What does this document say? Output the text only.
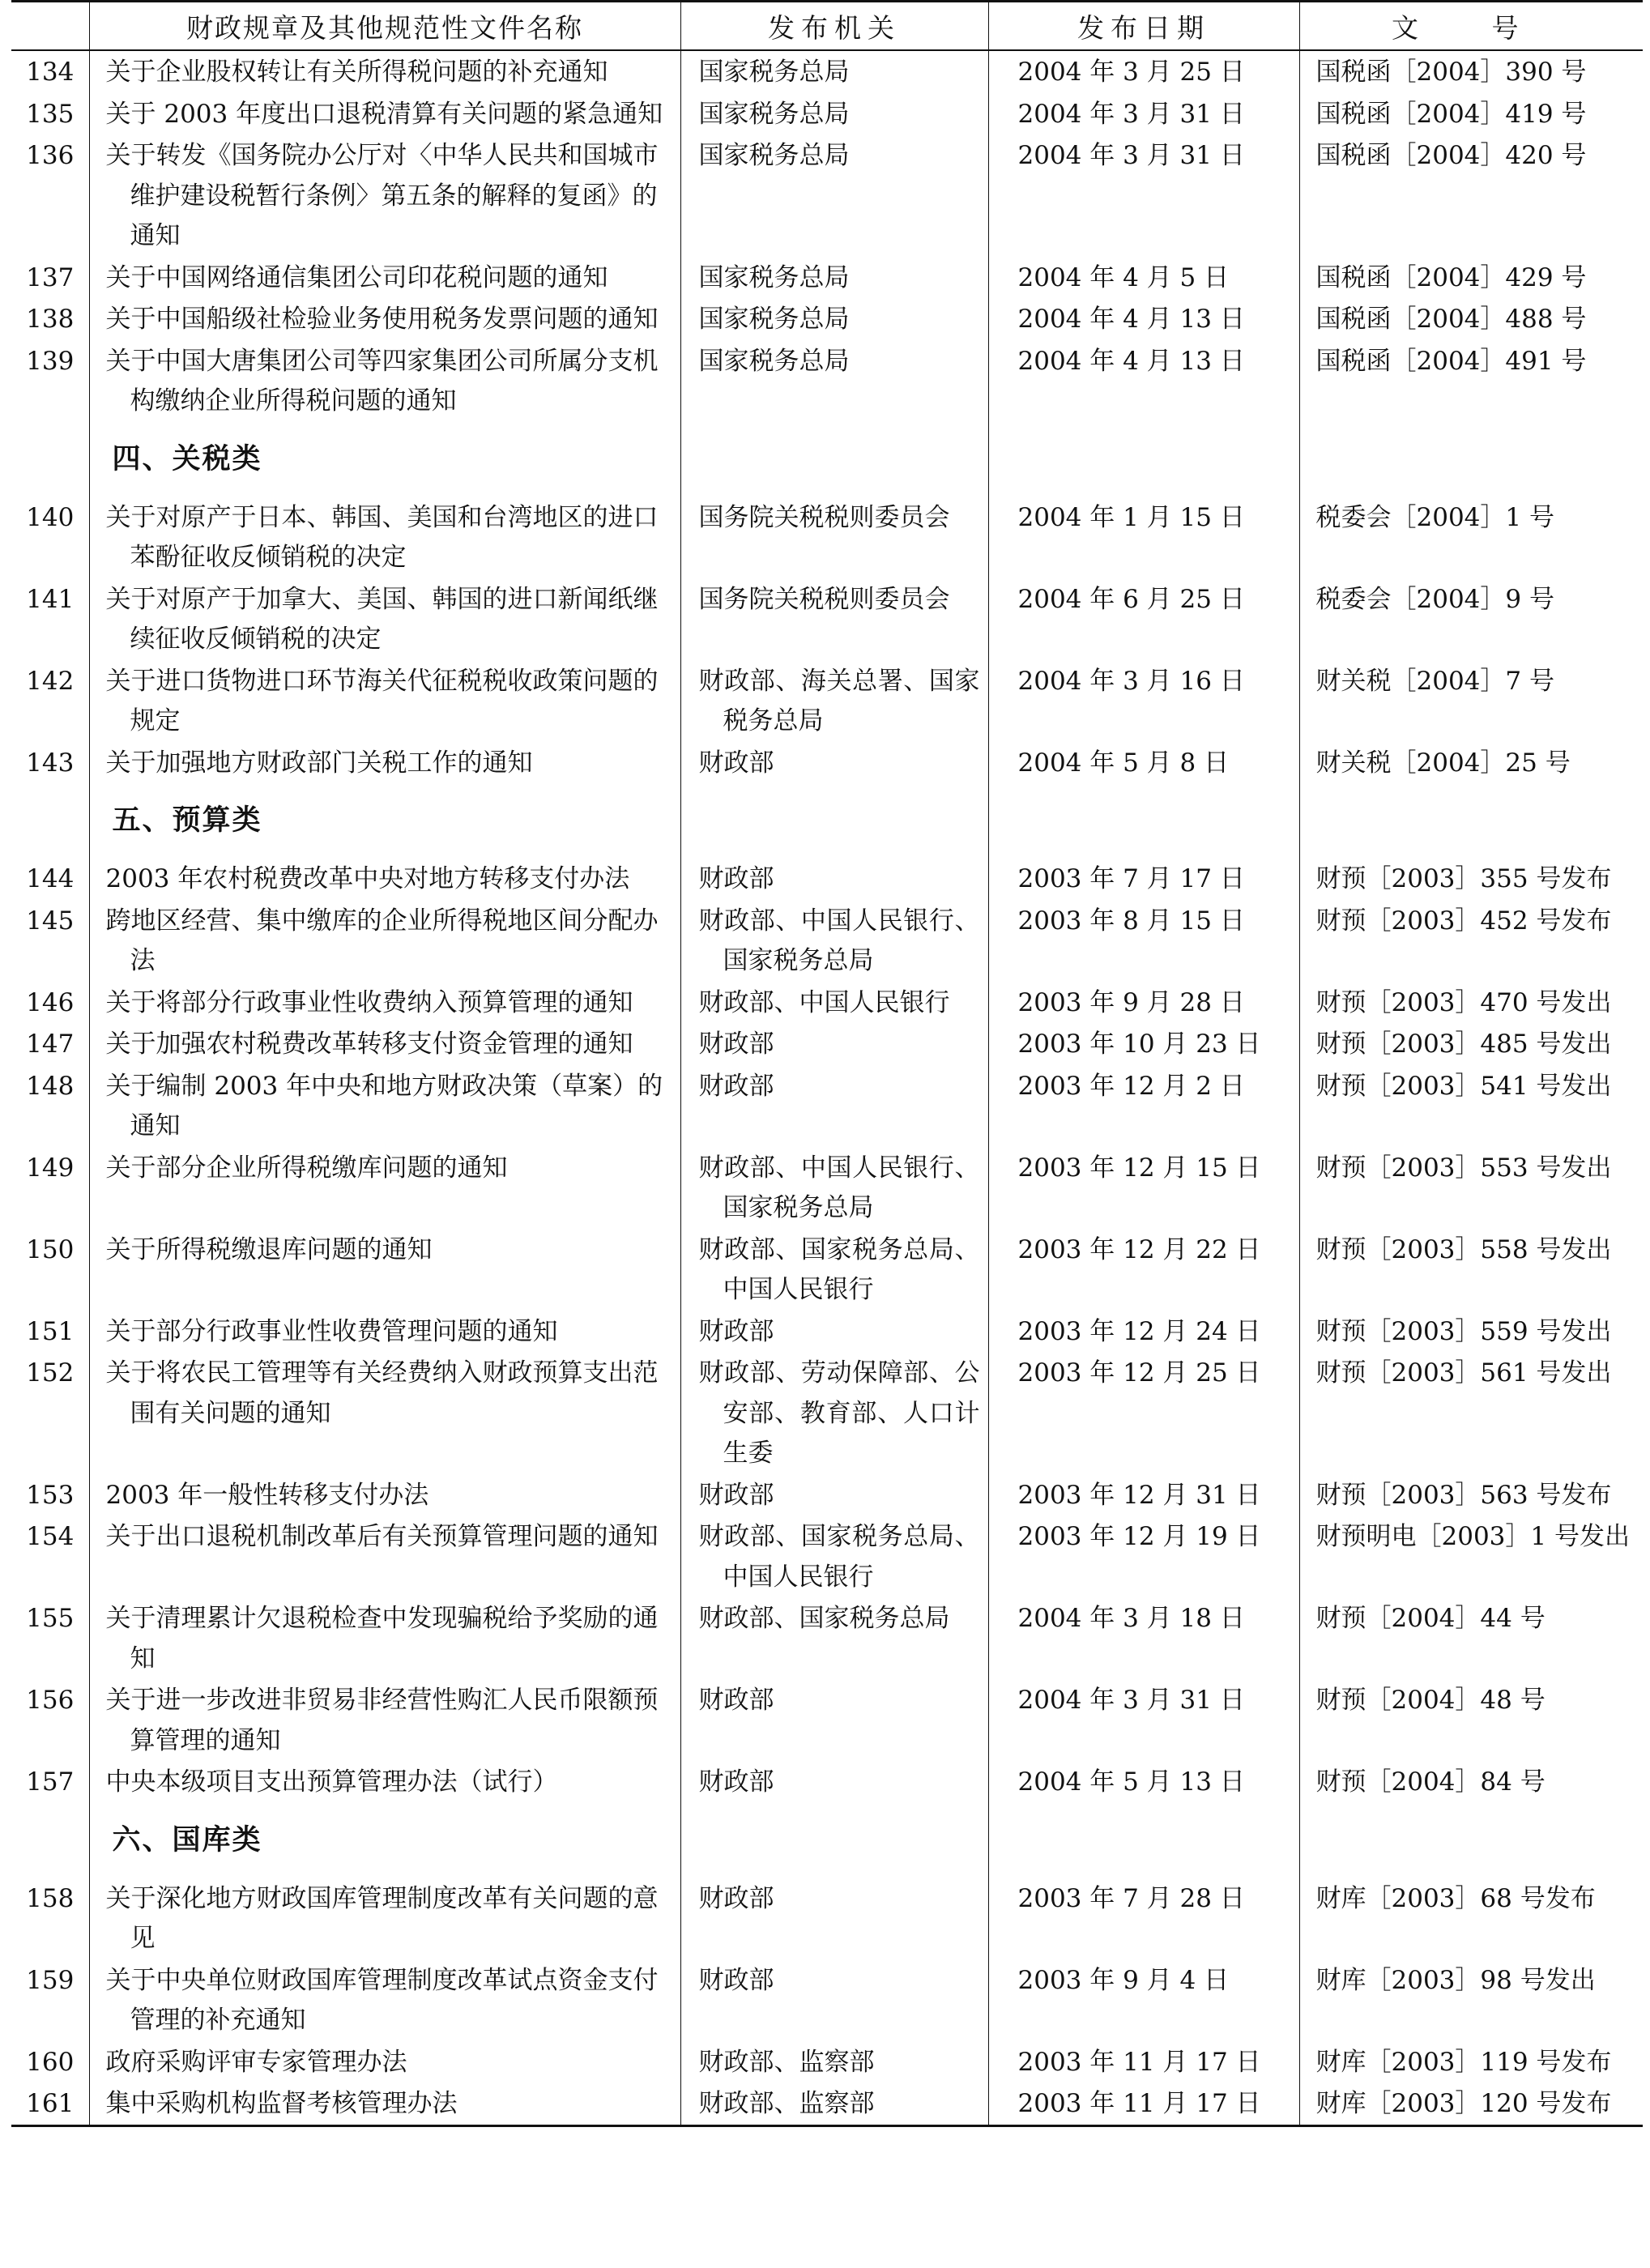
	财政规章及其他规范性文件名称	发布机关	发布日期	文 号
134	关于企业股权转让有关所得税问题的补充通知	国家税务总局	2004 年 3 月 25 日	国税函［2004］390 号

135	关于 2003 年度出口退税清算有关问题的紧急通知	国家税务总局	2004 年 3 月 31 日	国税函［2004］419 号

136	关于转发《国务院办公厅对〈中华人民共和国城市维护建设税暂行条例〉第五条的解释的复函》的通知	国家税务总局	2004 年 3 月 31 日	国税函［2004］420 号

137	关于中国网络通信集团公司印花税问题的通知	国家税务总局	2004 年 4 月 5 日	国税函［2004］429 号

138	关于中国船级社检验业务使用税务发票问题的通知	国家税务总局	2004 年 4 月 13 日	国税函［2004］488 号

139	关于中国大唐集团公司等四家集团公司所属分支机构缴纳企业所得税问题的通知	国家税务总局	2004 年 4 月 13 日	国税函［2004］491 号

	四、关税类			
140	关于对原产于日本、韩国、美国和台湾地区的进口苯酚征收反倾销税的决定	国务院关税税则委员会	2004 年 1 月 15 日	税委会［2004］1 号

141	关于对原产于加拿大、美国、韩国的进口新闻纸继续征收反倾销税的决定	国务院关税税则委员会	2004 年 6 月 25 日	税委会［2004］9 号

142	关于进口货物进口环节海关代征税税收政策问题的规定	财政部、海关总署、国家税务总局	2004 年 3 月 16 日	财关税［2004］7 号

143	关于加强地方财政部门关税工作的通知	财政部	2004 年 5 月 8 日	财关税［2004］25 号

	五、预算类			
144	2003 年农村税费改革中央对地方转移支付办法	财政部	2003 年 7 月 17 日	财预［2003］355 号发布

145	跨地区经营、集中缴库的企业所得税地区间分配办法	财政部、中国人民银行、国家税务总局	2003 年 8 月 15 日	财预［2003］452 号发布

146	关于将部分行政事业性收费纳入预算管理的通知	财政部、中国人民银行	2003 年 9 月 28 日	财预［2003］470 号发出

147	关于加强农村税费改革转移支付资金管理的通知	财政部	2003 年 10 月 23 日	财预［2003］485 号发出

148	关于编制 2003 年中央和地方财政决策（草案）的通知	财政部	2003 年 12 月 2 日	财预［2003］541 号发出

149	关于部分企业所得税缴库问题的通知	财政部、中国人民银行、国家税务总局	2003 年 12 月 15 日	财预［2003］553 号发出

150	关于所得税缴退库问题的通知	财政部、国家税务总局、中国人民银行	2003 年 12 月 22 日	财预［2003］558 号发出

151	关于部分行政事业性收费管理问题的通知	财政部	2003 年 12 月 24 日	财预［2003］559 号发出

152	关于将农民工管理等有关经费纳入财政预算支出范围有关问题的通知	财政部、劳动保障部、公安部、教育部、人口计生委	2003 年 12 月 25 日	财预［2003］561 号发出

153	2003 年一般性转移支付办法	财政部	2003 年 12 月 31 日	财预［2003］563 号发布

154	关于出口退税机制改革后有关预算管理问题的通知	财政部、国家税务总局、中国人民银行	2003 年 12 月 19 日	财预明电［2003］1 号发出

155	关于清理累计欠退税检查中发现骗税给予奖励的通知	财政部、国家税务总局	2004 年 3 月 18 日	财预［2004］44 号

156	关于进一步改进非贸易非经营性购汇人民币限额预算管理的通知	财政部	2004 年 3 月 31 日	财预［2004］48 号

157	中央本级项目支出预算管理办法（试行）	财政部	2004 年 5 月 13 日	财预［2004］84 号

	六、国库类			
158	关于深化地方财政国库管理制度改革有关问题的意见	财政部	2003 年 7 月 28 日	财库［2003］68 号发布

159	关于中央单位财政国库管理制度改革试点资金支付管理的补充通知	财政部	2003 年 9 月 4 日	财库［2003］98 号发出

160	政府采购评审专家管理办法	财政部、监察部	2003 年 11 月 17 日	财库［2003］119 号发布

161	集中采购机构监督考核管理办法	财政部、监察部	2003 年 11 月 17 日	财库［2003］120 号发布
